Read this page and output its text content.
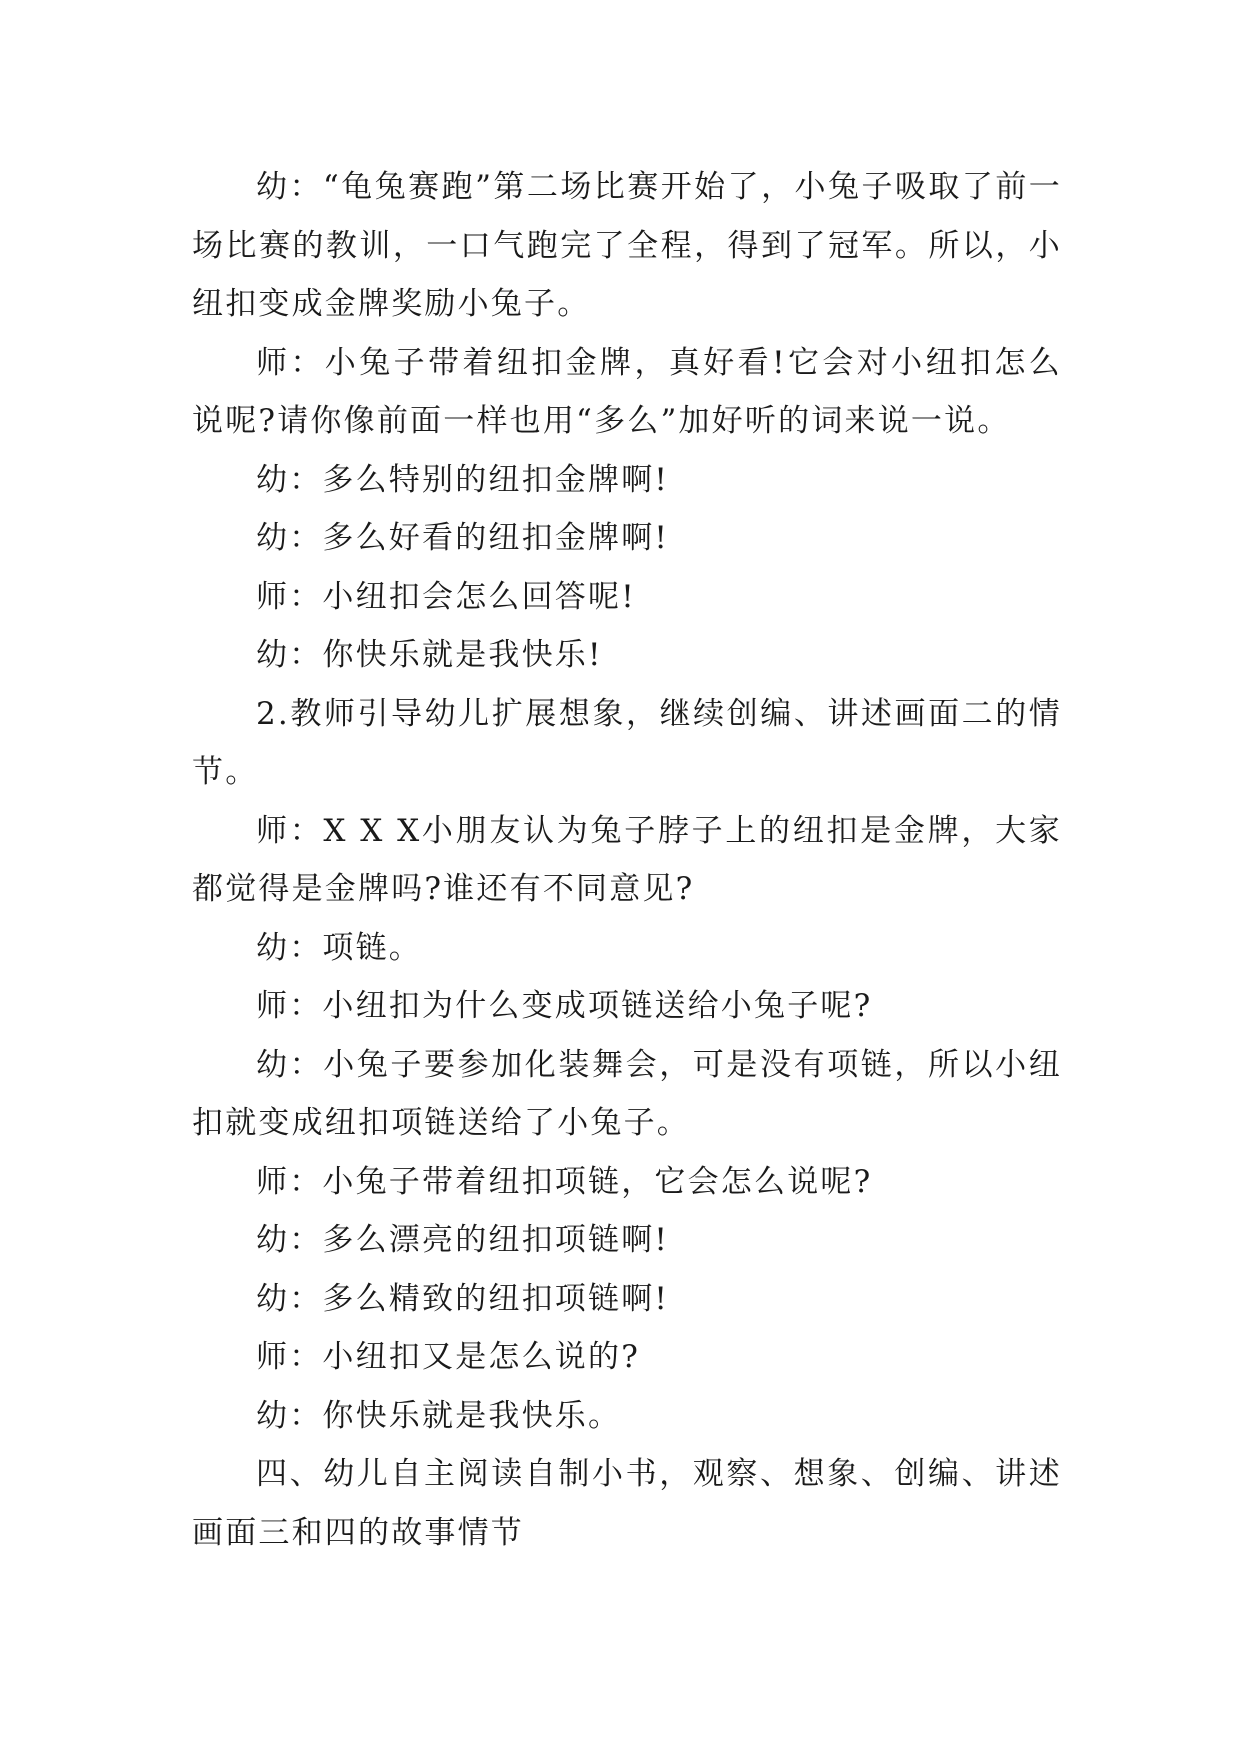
幼：“龟兔赛跑”第二场比赛开始了，小兔子吸取了前一场比赛的教训，一口气跑完了全程，得到了冠军。所以，小纽扣变成金牌奖励小兔子。

师：小兔子带着纽扣金牌，真好看!它会对小纽扣怎么说呢?请你像前面一样也用“多么”加好听的词来说一说。

幼：多么特别的纽扣金牌啊!

幼：多么好看的纽扣金牌啊!

师：小纽扣会怎么回答呢!

幼：你快乐就是我快乐!

2.教师引导幼儿扩展想象，继续创编、讲述画面二的情节。

师：X X X小朋友认为兔子脖子上的纽扣是金牌，大家都觉得是金牌吗?谁还有不同意见?

幼：项链。

师：小纽扣为什么变成项链送给小兔子呢?

幼：小兔子要参加化装舞会，可是没有项链，所以小纽扣就变成纽扣项链送给了小兔子。

师：小兔子带着纽扣项链，它会怎么说呢?

幼：多么漂亮的纽扣项链啊!

幼：多么精致的纽扣项链啊!

师：小纽扣又是怎么说的?

幼：你快乐就是我快乐。

四、幼儿自主阅读自制小书，观察、想象、创编、讲述画面三和四的故事情节
